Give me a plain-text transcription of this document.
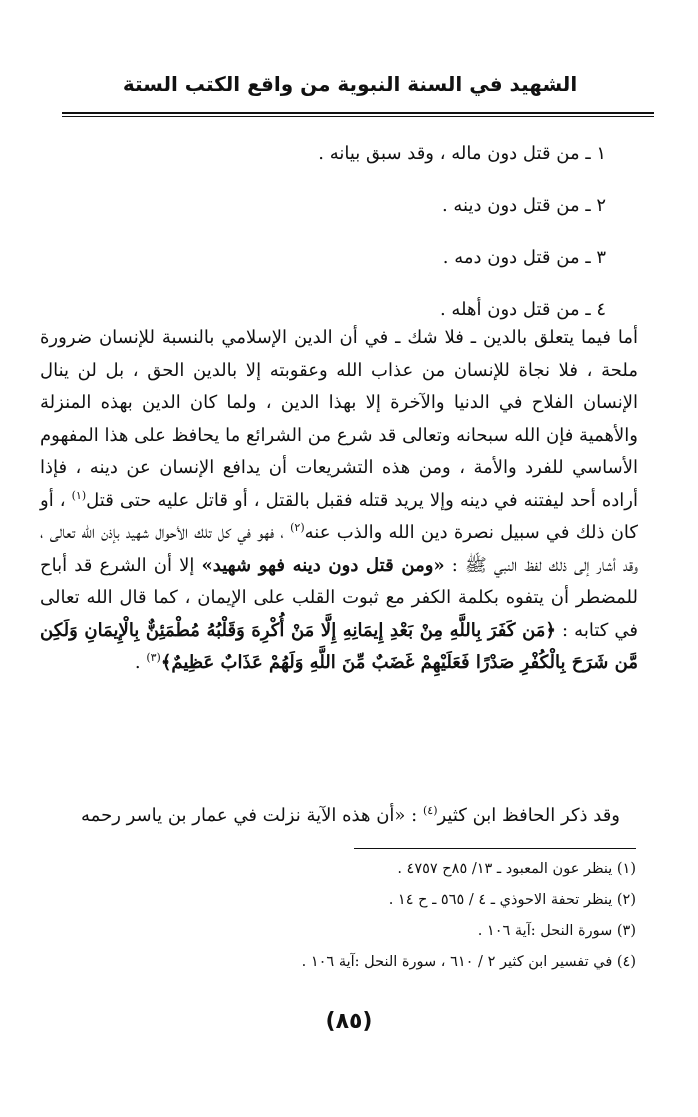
الشهيد في السنة النبوية من واقع الكتب الستة
١ ـ من قتل دون ماله ، وقد سبق بيانه .
٢ ـ من قتل دون دينه .
٣ ـ من قتل دون دمه .
٤ ـ من قتل دون أهله .

أما فيما يتعلق بالدين ـ فلا شك ـ في أن الدين الإسلامي بالنسبة للإنسان ضرورة ملحة ، فلا نجاة للإنسان من عذاب الله وعقوبته إلا بالدين الحق ، بل لن ينال الإنسان الفلاح في الدنيا والآخرة إلا بهذا الدين ، ولما كان الدين بهذه المنزلة والأهمية فإن الله سبحانه وتعالى قد شرع من الشرائع ما يحافظ على هذا المفهوم الأساسي للفرد والأمة ، ومن هذه التشريعات أن يدافع الإنسان عن دينه ، فإذا أراده أحد ليفتنه في دينه وإلا يريد قتله فقبل بالقتل ، أو قاتل عليه حتى قتل$^{(١)}$ ، أو كان ذلك في سبيل نصرة دين الله والذب عنه$^{(٢)}$ ، فهو في كل تلك الأحوال شهيد بإذن الله تعالى ، وقد أشار إلى ذلك لفظ النبي ﷺ : «ومن قتل دون دينه فهو شهيد» إلا أن الشرع قد أباح للمضطر أن يتفوه بكلمة الكفر مع ثبوت القلب على الإيمان ، كما قال الله تعالى في كتابه : ﴿مَن كَفَرَ بِاللَّهِ مِنْ بَعْدِ إِيمَانِهِ إِلَّا مَنْ أُكْرِهَ وَقَلْبُهُ مُطْمَئِنٌّ بِالْإِيمَانِ وَلَكِن مَّن شَرَحَ بِالْكُفْرِ صَدْرًا فَعَلَيْهِمْ غَضَبٌ مِّنَ اللَّهِ وَلَهُمْ عَذَابٌ عَظِيمٌ﴾$^{(٣)}$ .

وقد ذكر الحافظ ابن كثير$^{(٤)}$ : «أن هذه الآية نزلت في عمار بن ياسر رحمه

(١) ينظر عون المعبود ـ ١٣/ ٨٥ح ٤٧٥٧ .
(٢) ينظر تحفة الاحوذي ـ ٤ / ٥٦٥ ـ ح ١٤ .
(٣) سورة النحل :آية ١٠٦ .
(٤) في تفسير ابن كثير ٢ / ٦١٠ ، سورة النحل :آية ١٠٦ .
(٨٥)
